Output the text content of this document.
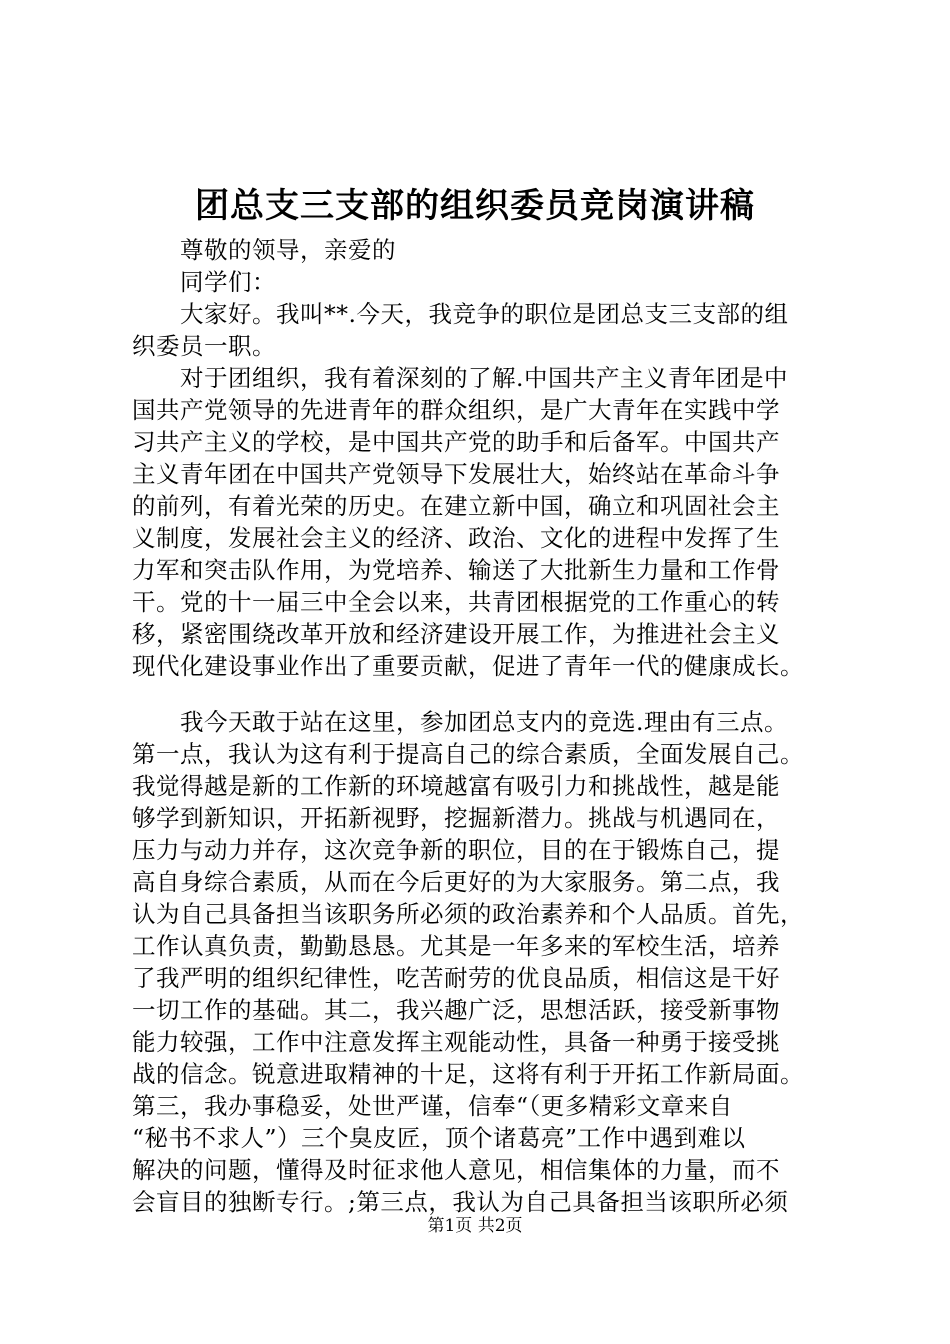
团总支三支部的组织委员竞岗演讲稿
尊敬的领导，亲爱的
同学们：
大家好。我叫**.今天，我竞争的职位是团总支三支部的组
织委员一职。
对于团组织，我有着深刻的了解.中国共产主义青年团是中
国共产党领导的先进青年的群众组织，是广大青年在实践中学
习共产主义的学校，是中国共产党的助手和后备军。中国共产
主义青年团在中国共产党领导下发展壮大，始终站在革命斗争
的前列，有着光荣的历史。在建立新中国，确立和巩固社会主
义制度，发展社会主义的经济、政治、文化的进程中发挥了生
力军和突击队作用，为党培养、输送了大批新生力量和工作骨
干。党的十一届三中全会以来，共青团根据党的工作重心的转
移，紧密围绕改革开放和经济建设开展工作，为推进社会主义
现代化建设事业作出了重要贡献，促进了青年一代的健康成长。
我今天敢于站在这里，参加团总支内的竞选.理由有三点。
第一点，我认为这有利于提高自己的综合素质，全面发展自己。
我觉得越是新的工作新的环境越富有吸引力和挑战性，越是能
够学到新知识，开拓新视野，挖掘新潜力。挑战与机遇同在，
压力与动力并存，这次竞争新的职位，目的在于锻炼自己，提
高自身综合素质，从而在今后更好的为大家服务。第二点，我
认为自己具备担当该职务所必须的政治素养和个人品质。首先，
工作认真负责，勤勤恳恳。尤其是一年多来的军校生活，培养
了我严明的组织纪律性，吃苦耐劳的优良品质，相信这是干好
一切工作的基础。其二，我兴趣广泛，思想活跃，接受新事物
能力较强，工作中注意发挥主观能动性，具备一种勇于接受挑
战的信念。锐意进取精神的十足，这将有利于开拓工作新局面。
第三，我办事稳妥，处世严谨，信奉“（更多精彩文章来自
“秘书不求人”）三个臭皮匠，顶个诸葛亮”工作中遇到难以
解决的问题，懂得及时征求他人意见，相信集体的力量，而不
会盲目的独断专行。;第三点，我认为自己具备担当该职所必须
第1页 共2页
